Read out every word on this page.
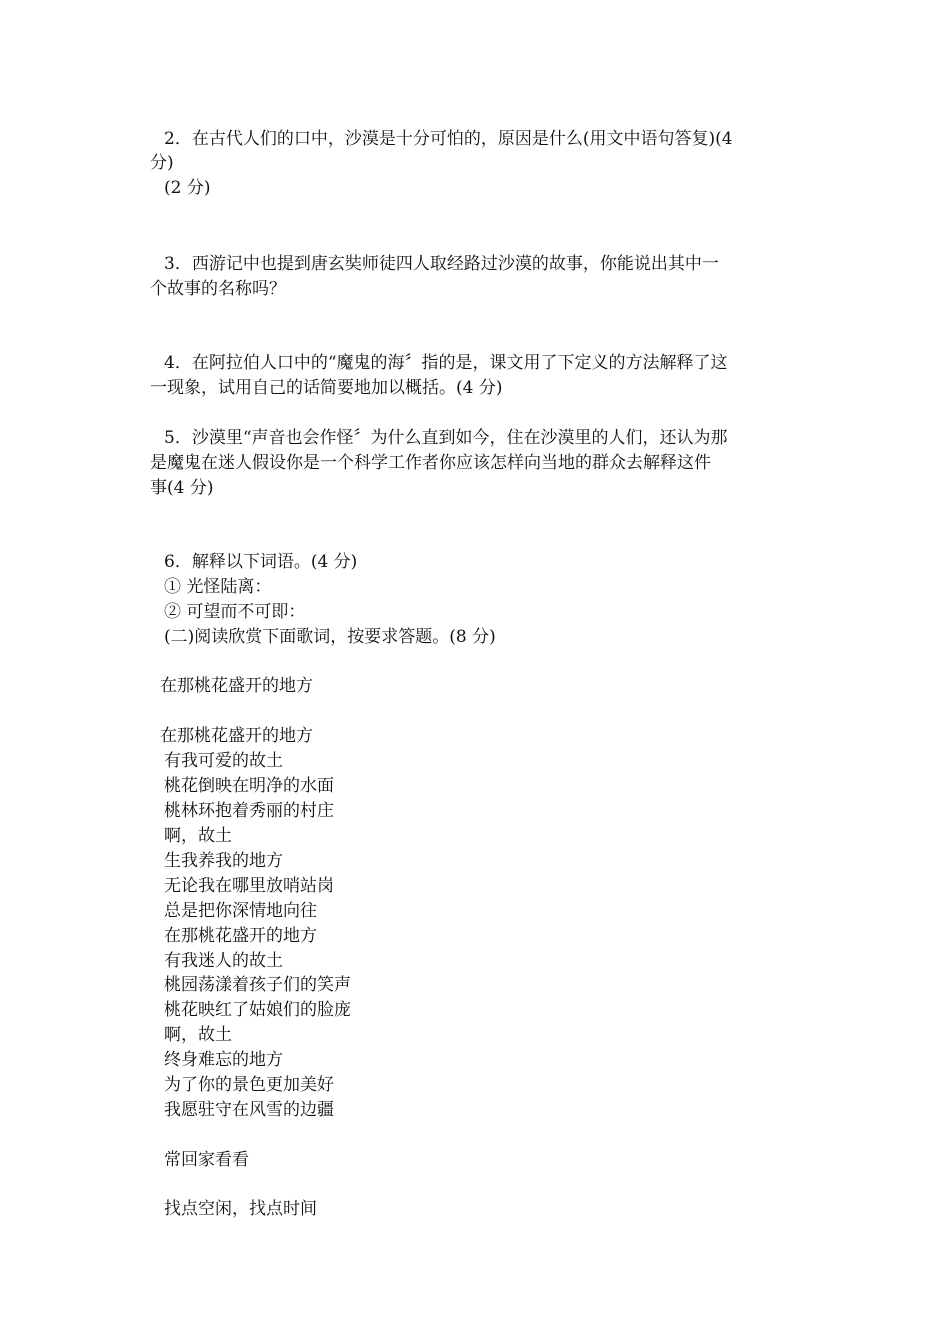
2．在古代人们的口中，沙漠是十分可怕的，原因是什么(用文中语句答复)(4
分)
(2 分)
3．西游记中也提到唐玄奘师徒四人取经路过沙漠的故事，你能说出其中一
个故事的名称吗？
4．在阿拉伯人口中的“魔鬼的海〞指的是，课文用了下定义的方法解释了这
一现象，试用自己的话简要地加以概括。(4 分)
5．沙漠里“声音也会作怪〞为什么直到如今，住在沙漠里的人们，还认为那
是魔鬼在迷人假设你是一个科学工作者你应该怎样向当地的群众去解释这件
事(4 分)
6．解释以下词语。(4 分)
① 光怪陆离：
② 可望而不可即：
(二)阅读欣赏下面歌词，按要求答题。(8 分)
在那桃花盛开的地方
在那桃花盛开的地方
有我可爱的故土
桃花倒映在明净的水面
桃林环抱着秀丽的村庄
啊，故土
生我养我的地方
无论我在哪里放哨站岗
总是把你深情地向往
在那桃花盛开的地方
有我迷人的故土
桃园荡漾着孩子们的笑声
桃花映红了姑娘们的脸庞
啊，故土
终身难忘的地方
为了你的景色更加美好
我愿驻守在风雪的边疆
常回家看看
找点空闲，找点时间
